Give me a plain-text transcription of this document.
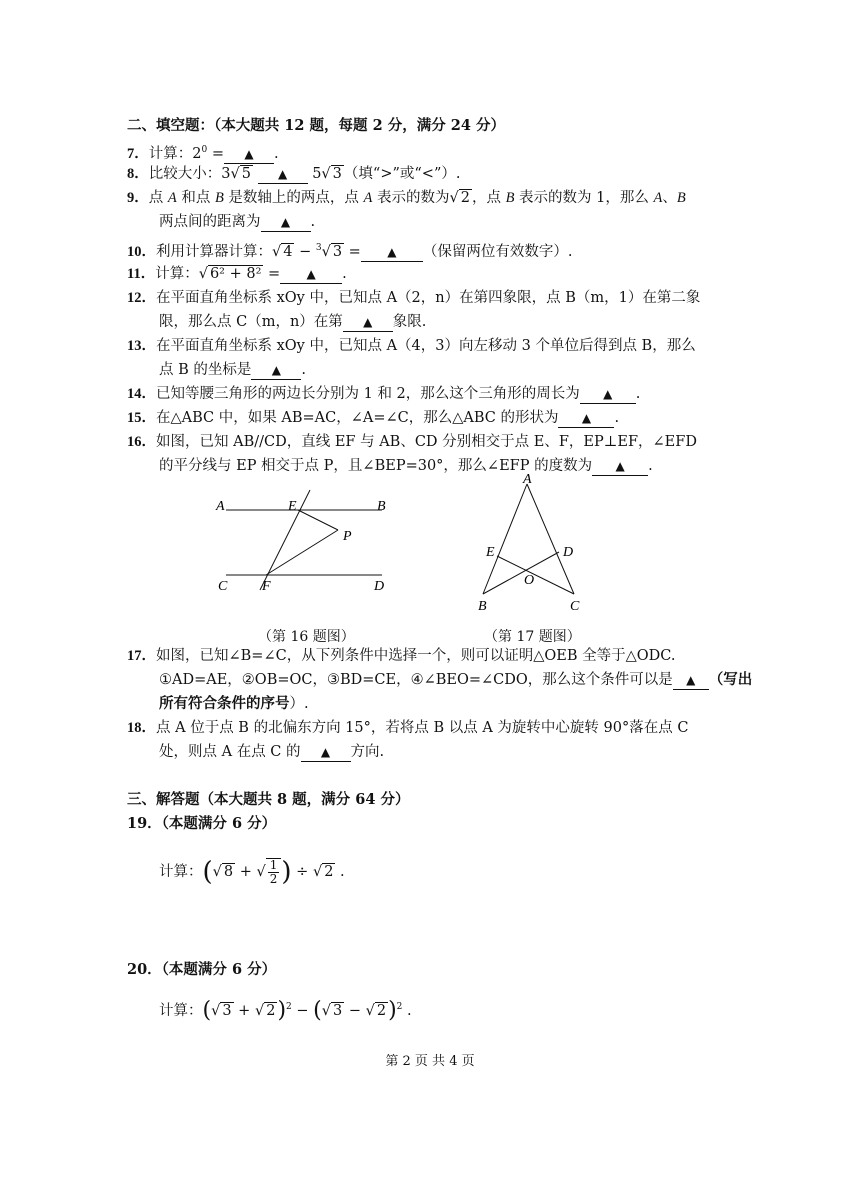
二、填空题：（本大题共 12 题，每题 2 分，满分 24 分）
7．计算：$2^0$ = ▲ .
8．比较大小：3√ 5 ▲ 5√ 3 （填“>”或“<”）.
9．点 A 和点 B 是数轴上的两点，点 A 表示的数为√ 2 ，点 B 表示的数为 1，那么 A、B
两点间的距离为 ▲ .
10．利用计算器计算：√ 4 − $^3$√ 3 = ▲ （保留两位有效数字）.
11．计算：√ 6² + 8² = ▲ .
12．在平面直角坐标系 xOy 中，已知点 A（2，n）在第四象限，点 B（m，1）在第二象
限，那么点 C（m，n）在第 ▲ 象限.
13．在平面直角坐标系 xOy 中，已知点 A（4，3）向左移动 3 个单位后得到点 B，那么
点 B 的坐标是 ▲ .
14．已知等腰三角形的两边长分别为 1 和 2，那么这个三角形的周长为 ▲ .
15．在△ABC 中，如果 AB=AC，∠A=∠C，那么△ABC 的形状为 ▲ .
16．如图，已知 AB//CD，直线 EF 与 AB、CD 分别相交于点 E、F，EP⊥EF，∠EFD
的平分线与 EP 相交于点 P，且∠BEP=30°，那么∠EFP 的度数为 ▲ .
A	E	B
P
C F	D
（第 16 题图）
A
E	D
O
B	C
（第 17 题图）
17．如图，已知∠B=∠C，从下列条件中选择一个，则可以证明△OEB 全等于△ODC.
①AD=AE，②OB=OC，③BD=CE，④∠BEO=∠CDO，那么这个条件可以是 ▲ （写出
所有符合条件的序号）.
18．点 A 位于点 B 的北偏东方向 15°，若将点 B 以点 A 为旋转中心旋转 90°落在点 C
处，则点 A 在点 C 的 ▲ 方向.
三、解答题（本大题共 8 题，满分 64 分）
19．（本题满分 6 分）
计算：(√ 8 + √ $\frac{1}{2}$ ) ÷ √ 2 .
20．（本题满分 6 分）
计算：(√ 3 + √ 2)$^2$ − (√ 3 − √ 2)$^2$ .
第 2 页 共 4 页
